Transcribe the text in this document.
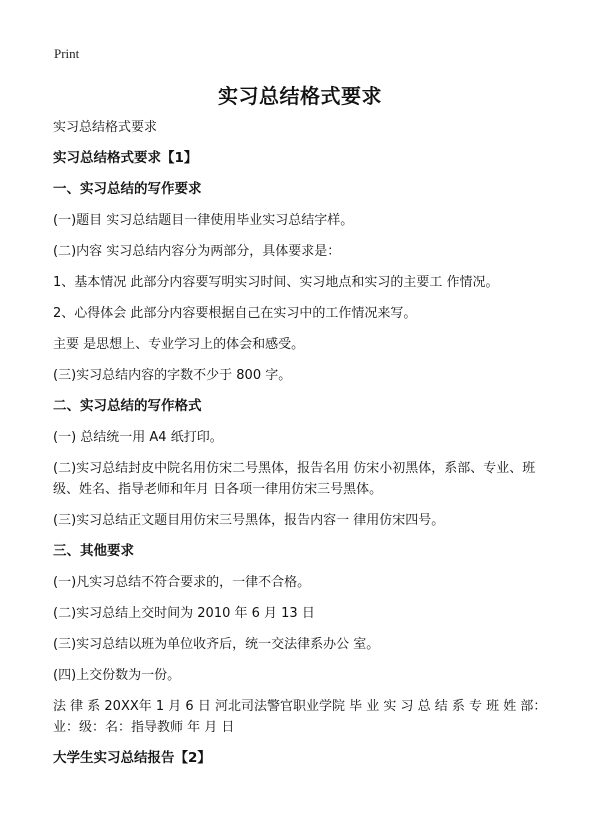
Print
实习总结格式要求

实习总结格式要求

实习总结格式要求【1】

一、实习总结的写作要求

(一)题目 实习总结题目一律使用毕业实习总结字样。

(二)内容 实习总结内容分为两部分，具体要求是：

1、基本情况 此部分内容要写明实习时间、实习地点和实习的主要工 作情况。

2、心得体会 此部分内容要根据自己在实习中的工作情况来写。

主要 是思想上、专业学习上的体会和感受。

(三)实习总结内容的字数不少于 800 字。

二、实习总结的写作格式

(一) 总结统一用 A4 纸打印。

(二)实习总结封皮中院名用仿宋二号黑体，报告名用 仿宋小初黑体，系部、专业、班级、姓名、指导老师和年月 日各项一律用仿宋三号黑体。

(三)实习总结正文题目用仿宋三号黑体，报告内容一 律用仿宋四号。

三、其他要求

(一)凡实习总结不符合要求的，一律不合格。

(二)实习总结上交时间为 2010 年 6 月 13 日

(三)实习总结以班为单位收齐后，统一交法律系办公 室。

(四)上交份数为一份。

法 律 系 20XX年 1 月 6 日 河北司法警官职业学院 毕 业 实 习 总 结 系 专 班 姓 部：业：级：名：指导教师 年 月 日

大学生实习总结报告【2】
